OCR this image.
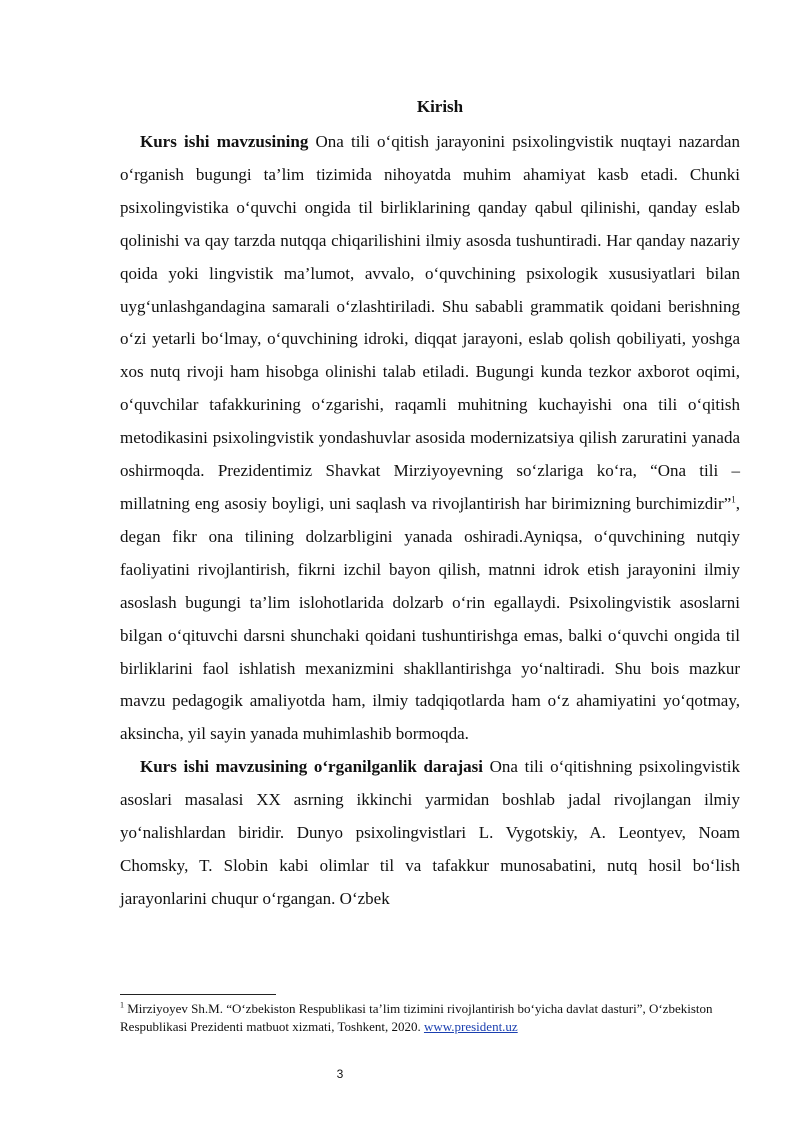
Kirish

Kurs ishi mavzusining Ona tili o‘qitish jarayonini psixolingvistik nuqtayi nazardan o‘rganish bugungi ta’lim tizimida nihoyatda muhim ahamiyat kasb etadi. Chunki psixolingvistika o‘quvchi ongida til birliklarining qanday qabul qilinishi, qanday eslab qolinishi va qay tarzda nutqqa chiqarilishini ilmiy asosda tushuntiradi. Har qanday nazariy qoida yoki lingvistik ma’lumot, avvalo, o‘quvchining psixologik xususiyatlari bilan uyg‘unlashgandagina samarali o‘zlashtiriladi. Shu sababli grammatik qoidani berishning o‘zi yetarli bo‘lmay, o‘quvchining idroki, diqqat jarayoni, eslab qolish qobiliyati, yoshga xos nutq rivoji ham hisobga olinishi talab etiladi. Bugungi kunda tezkor axborot oqimi, o‘quvchilar tafakkurining o‘zgarishi, raqamli muhitning kuchayishi ona tili o‘qitish metodikasini psixolingvistik yondashuvlar asosida modernizatsiya qilish zaruratini yanada oshirmoqda. Prezidentimiz Shavkat Mirziyoyevning so‘zlariga ko‘ra, “Ona tili – millatning eng asosiy boyligi, uni saqlash va rivojlantirish har birimizning burchimizdir”$^1$, degan fikr ona tilining dolzarbligini yanada oshiradi.Ayniqsa, o‘quvchining nutqiy faoliyatini rivojlantirish, fikrni izchil bayon qilish, matnni idrok etish jarayonini ilmiy asoslash bugungi ta’lim islohotlarida dolzarb o‘rin egallaydi. Psixolingvistik asoslarni bilgan o‘qituvchi darsni shunchaki qoidani tushuntirishga emas, balki o‘quvchi ongida til birliklarini faol ishlatish mexanizmini shakllantirishga yo‘naltiradi. Shu bois mazkur mavzu pedagogik amaliyotda ham, ilmiy tadqiqotlarda ham o‘z ahamiyatini yo‘qotmay, aksincha, yil sayin yanada muhimlashib bormoqda.

Kurs ishi mavzusining o‘rganilganlik darajasi Ona tili o‘qitishning psixolingvistik asoslari masalasi XX asrning ikkinchi yarmidan boshlab jadal rivojlangan ilmiy yo‘nalishlardan biridir. Dunyo psixolingvistlari L. Vygotskiy, A. Leontyev, Noam Chomsky, T. Slobin kabi olimlar til va tafakkur munosabatini, nutq hosil bo‘lish jarayonlarini chuqur o‘rgangan. O‘zbek

$^1$ Mirziyoyev Sh.M. “O‘zbekiston Respublikasi ta’lim tizimini rivojlantirish bo‘yicha davlat dasturi”, O‘zbekiston Respublikasi Prezidenti matbuot xizmati, Toshkent, 2020. www.president.uz
3
